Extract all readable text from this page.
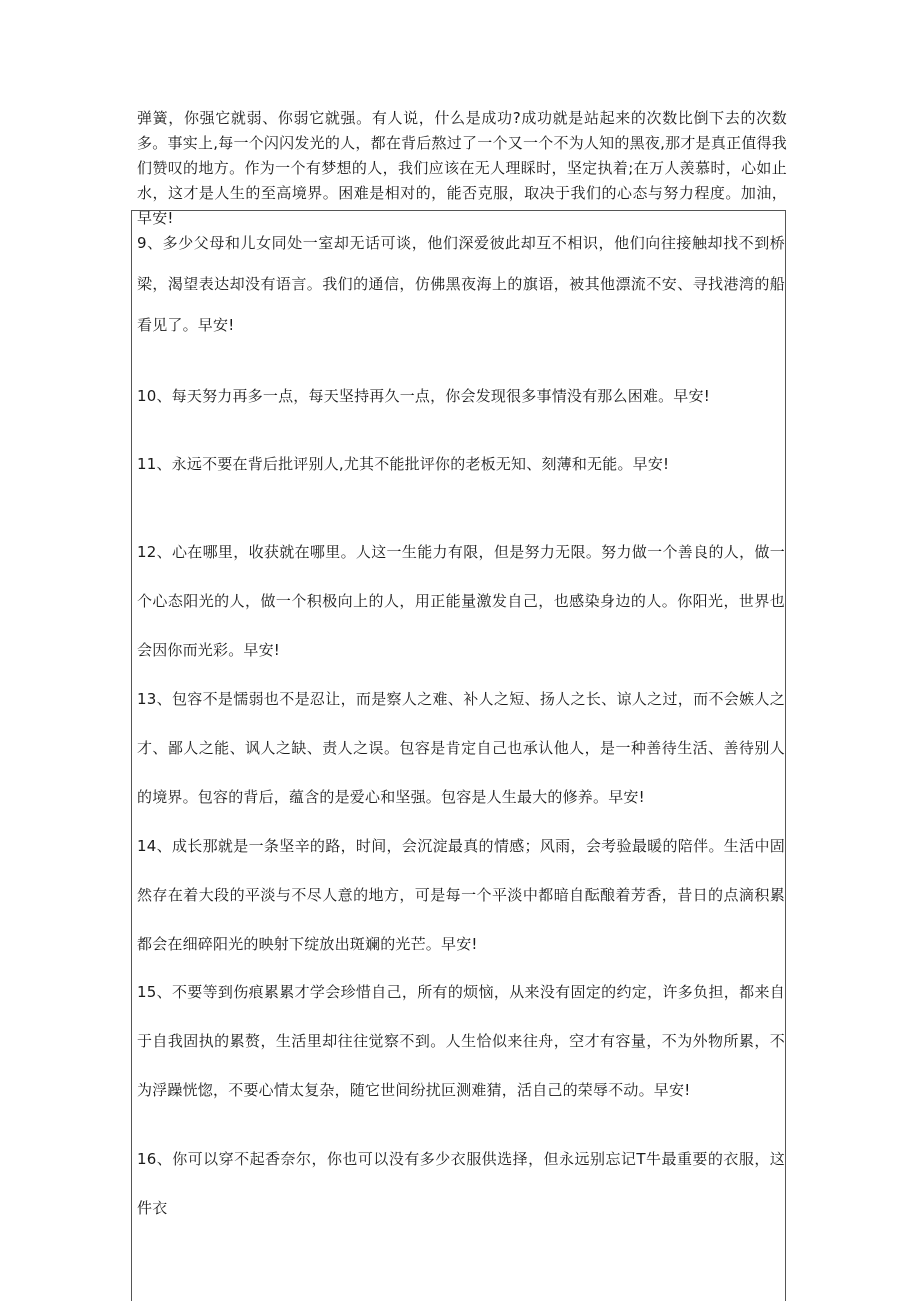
弹簧，你强它就弱、你弱它就强。有人说，什么是成功?成功就是站起来的次数比倒下去的次数多。事实上,每一个闪闪发光的人，都在背后熬过了一个又一个不为人知的黑夜,那才是真正值得我们赞叹的地方。作为一个有梦想的人，我们应该在无人理睬时，坚定执着;在万人羡慕时，心如止水，这才是人生的至高境界。困难是相对的，能否克服，取决于我们的心态与努力程度。加油，早安!

9、多少父母和儿女同处一室却无话可谈，他们深爱彼此却互不相识，他们向往接触却找不到桥梁，渴望表达却没有语言。我们的通信，仿佛黑夜海上的旗语，被其他漂流不安、寻找港湾的船看见了。早安!

10、每天努力再多一点，每天坚持再久一点，你会发现很多事情没有那么困难。早安!

11、永远不要在背后批评别人,尤其不能批评你的老板无知、刻薄和无能。早安!

12、心在哪里，收获就在哪里。人这一生能力有限，但是努力无限。努力做一个善良的人，做一个心态阳光的人，做一个积极向上的人，用正能量激发自己，也感染身边的人。你阳光，世界也会因你而光彩。早安!

13、包容不是懦弱也不是忍让，而是察人之难、补人之短、扬人之长、谅人之过，而不会嫉人之才、鄙人之能、讽人之缺、责人之误。包容是肯定自己也承认他人，是一种善待生活、善待别人的境界。包容的背后，蕴含的是爱心和坚强。包容是人生最大的修养。早安!

14、成长那就是一条坚辛的路，时间，会沉淀最真的情感；风雨，会考验最暖的陪伴。生活中固然存在着大段的平淡与不尽人意的地方，可是每一个平淡中都暗自酝酿着芳香，昔日的点滴积累都会在细碎阳光的映射下绽放出斑斓的光芒。早安!

15、不要等到伤痕累累才学会珍惜自己，所有的烦恼，从来没有固定的约定，许多负担，都来自于自我固执的累赘，生活里却往往觉察不到。人生恰似来往舟，空才有容量，不为外物所累，不为浮躁恍惚，不要心情太复杂，随它世间纷扰叵测难猜，活自己的荣辱不动。早安!

16、你可以穿不起香奈尔，你也可以没有多少衣服供选择，但永远别忘记T牛最重要的衣服，这件衣
